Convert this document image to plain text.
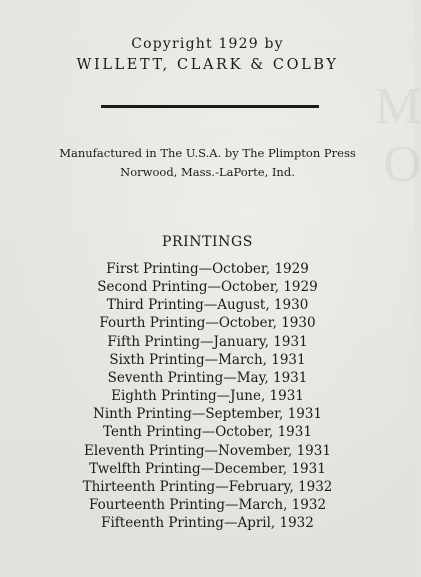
M
O
Copyright 1929 by
WILLETT, CLARK & COLBY
Manufactured in The U.S.A. by The Plimpton Press
Norwood, Mass.-LaPorte, Ind.
PRINTINGS
First Printing—October, 1929
Second Printing—October, 1929
Third Printing—August, 1930
Fourth Printing—October, 1930
Fifth Printing—January, 1931
Sixth Printing—March, 1931
Seventh Printing—May, 1931
Eighth Printing—June, 1931
Ninth Printing—September, 1931
Tenth Printing—October, 1931
Eleventh Printing—November, 1931
Twelfth Printing—December, 1931
Thirteenth Printing—February, 1932
Fourteenth Printing—March, 1932
Fifteenth Printing—April, 1932
